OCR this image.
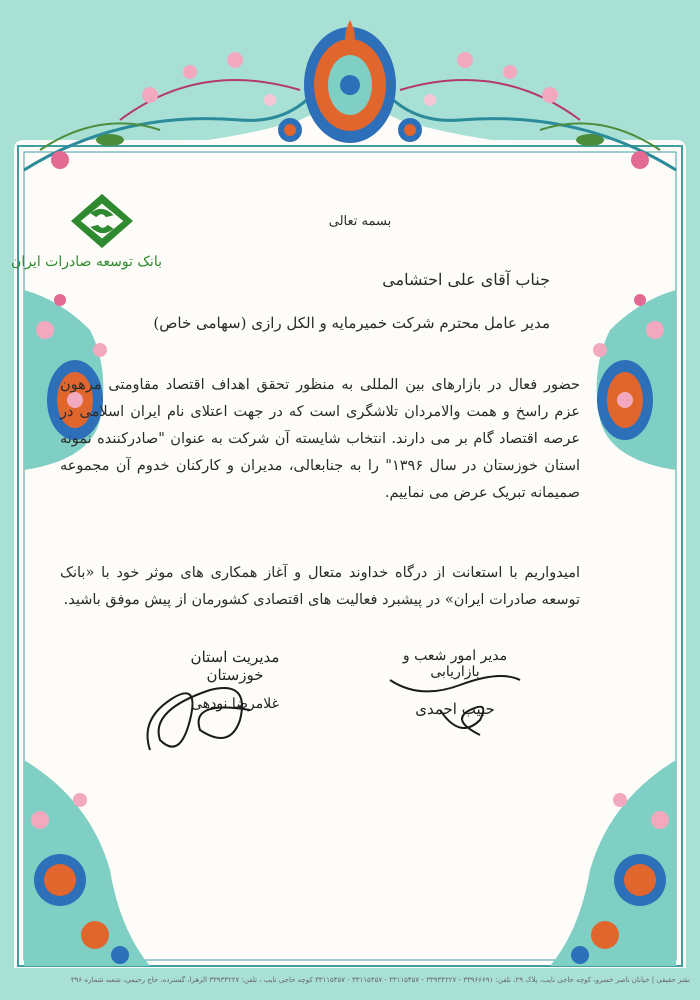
بانک توسعه صادرات ایران
بسمه تعالی
جناب آقای علی احتشامی
مدیر عامل محترم شرکت خمیرمایه و الکل رازی (سهامی خاص)
حضور فعال در بازارهای بین المللی به منظور تحقق اهداف اقتصاد مقاومتی مرهون عزم راسخ و همت والامردان تلاشگری است که در جهت اعتلای نام ایران اسلامی در عرصه اقتصاد گام بر می دارند. انتخاب شایسته آن شرکت به عنوان "صادرکننده نمونه استان خوزستان در سال ۱۳۹۶" را به جنابعالی، مدیران و کارکنان خدوم آن مجموعه صمیمانه تبریک عرض می نماییم.
امیدواریم با استعانت از درگاه خداوند متعال و آغاز همکاری های موثر خود با «بانک توسعه صادرات ایران» در پیشبرد فعالیت های اقتصادی کشورمان از پیش موفق باشید.
مدیریت استان خوزستان
غلامرضا نودهی
مدیر امور شعب و بازاریابی
حبیب احمدی
نشر حقیقی | خیابان ناصر خسرو، کوچه حاجی نایب، پلاک ۲۹، تلفن: ۳۳۹۶۶۶۹۱ - ۳۳۹۳۴۲۲۷ - ۳۳۱۱۵۴۵۷ - ۳۳۱۱۵۴۵۷ - ۳۳۱۱۵۴۵۷ کوچه حاجی نایب ، تلفن: ۳۳۹۳۴۲۲۷ الزهرا، گسترده، حاج رحیمی، شعبه شماره ۳۹۶
